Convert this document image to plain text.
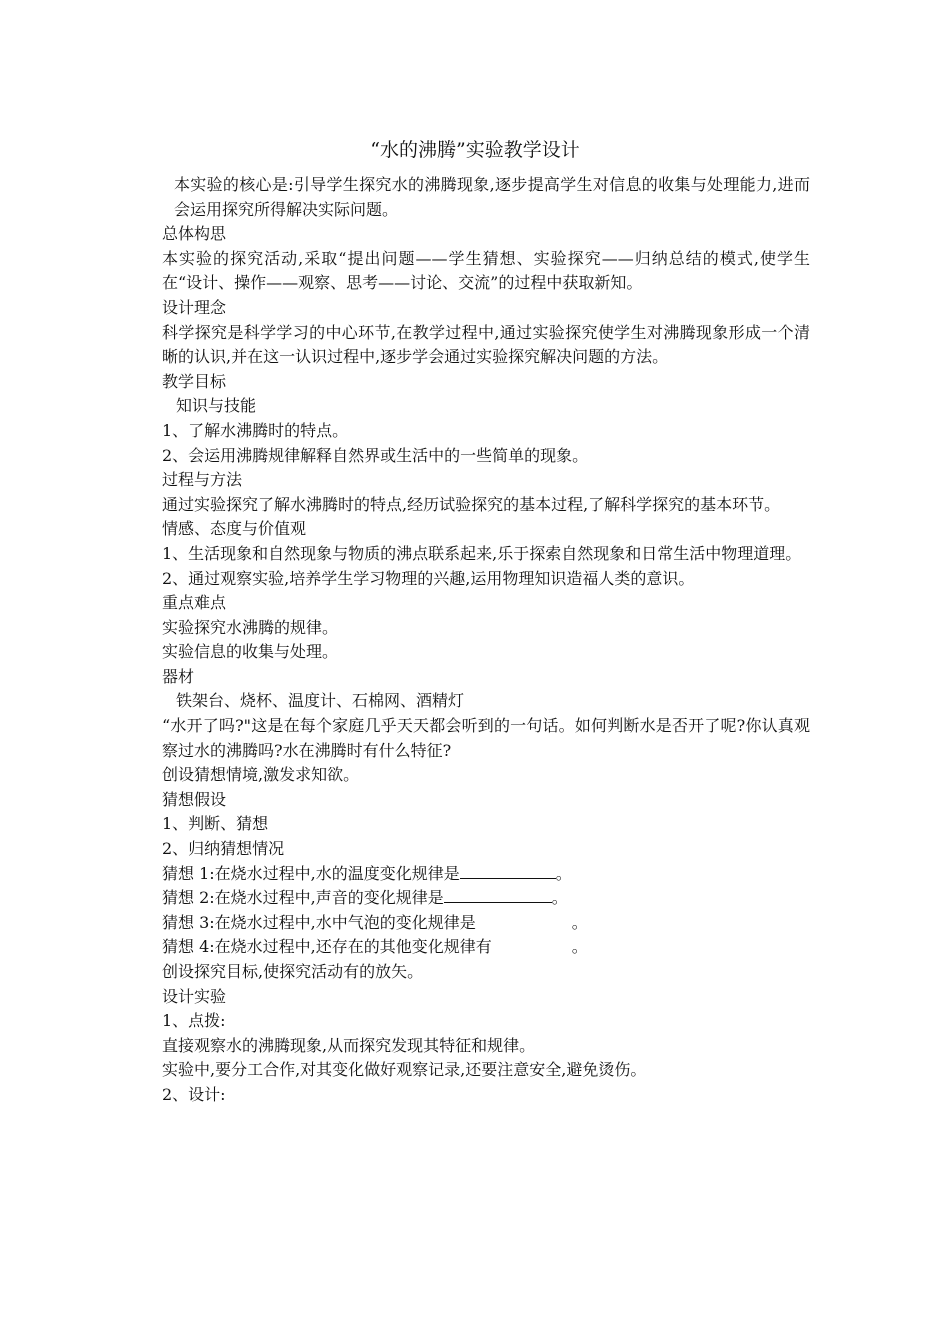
“水的沸腾”实验教学设计

本实验的核心是:引导学生探究水的沸腾现象,逐步提高学生对信息的收集与处理能力,进而会运用探究所得解决实际问题。

总体构思

本实验的探究活动,采取“提出问题——学生猜想、实验探究——归纳总结的模式,使学生在“设计、操作——观察、思考——讨论、交流”的过程中获取新知。

设计理念

科学探究是科学学习的中心环节,在教学过程中,通过实验探究使学生对沸腾现象形成一个清晰的认识,并在这一认识过程中,逐步学会通过实验探究解决问题的方法。

教学目标

知识与技能

1、了解水沸腾时的特点。

2、会运用沸腾规律解释自然界或生活中的一些简单的现象。

过程与方法

通过实验探究了解水沸腾时的特点,经历试验探究的基本过程,了解科学探究的基本环节。

情感、态度与价值观

1、生活现象和自然现象与物质的沸点联系起来,乐于探索自然现象和日常生活中物理道理。

2、通过观察实验,培养学生学习物理的兴趣,运用物理知识造福人类的意识。

重点难点

实验探究水沸腾的规律。

实验信息的收集与处理。

器材

铁架台、烧杯、温度计、石棉网、酒精灯

“水开了吗?"这是在每个家庭几乎天天都会听到的一句话。如何判断水是否开了呢?你认真观察过水的沸腾吗?水在沸腾时有什么特征?

创设猜想情境,激发求知欲。

猜想假设

1、判断、猜想

2、归纳猜想情况

猜想 1:在烧水过程中,水的温度变化规律是	。

猜想 2:在烧水过程中,声音的变化规律是	。

猜想 3:在烧水过程中,水中气泡的变化规律是	。

猜想 4:在烧水过程中,还存在的其他变化规律有	。

创设探究目标,使探究活动有的放矢。

设计实验

1、点拨:

直接观察水的沸腾现象,从而探究发现其特征和规律。

实验中,要分工合作,对其变化做好观察记录,还要注意安全,避免烫伤。

2、设计:
